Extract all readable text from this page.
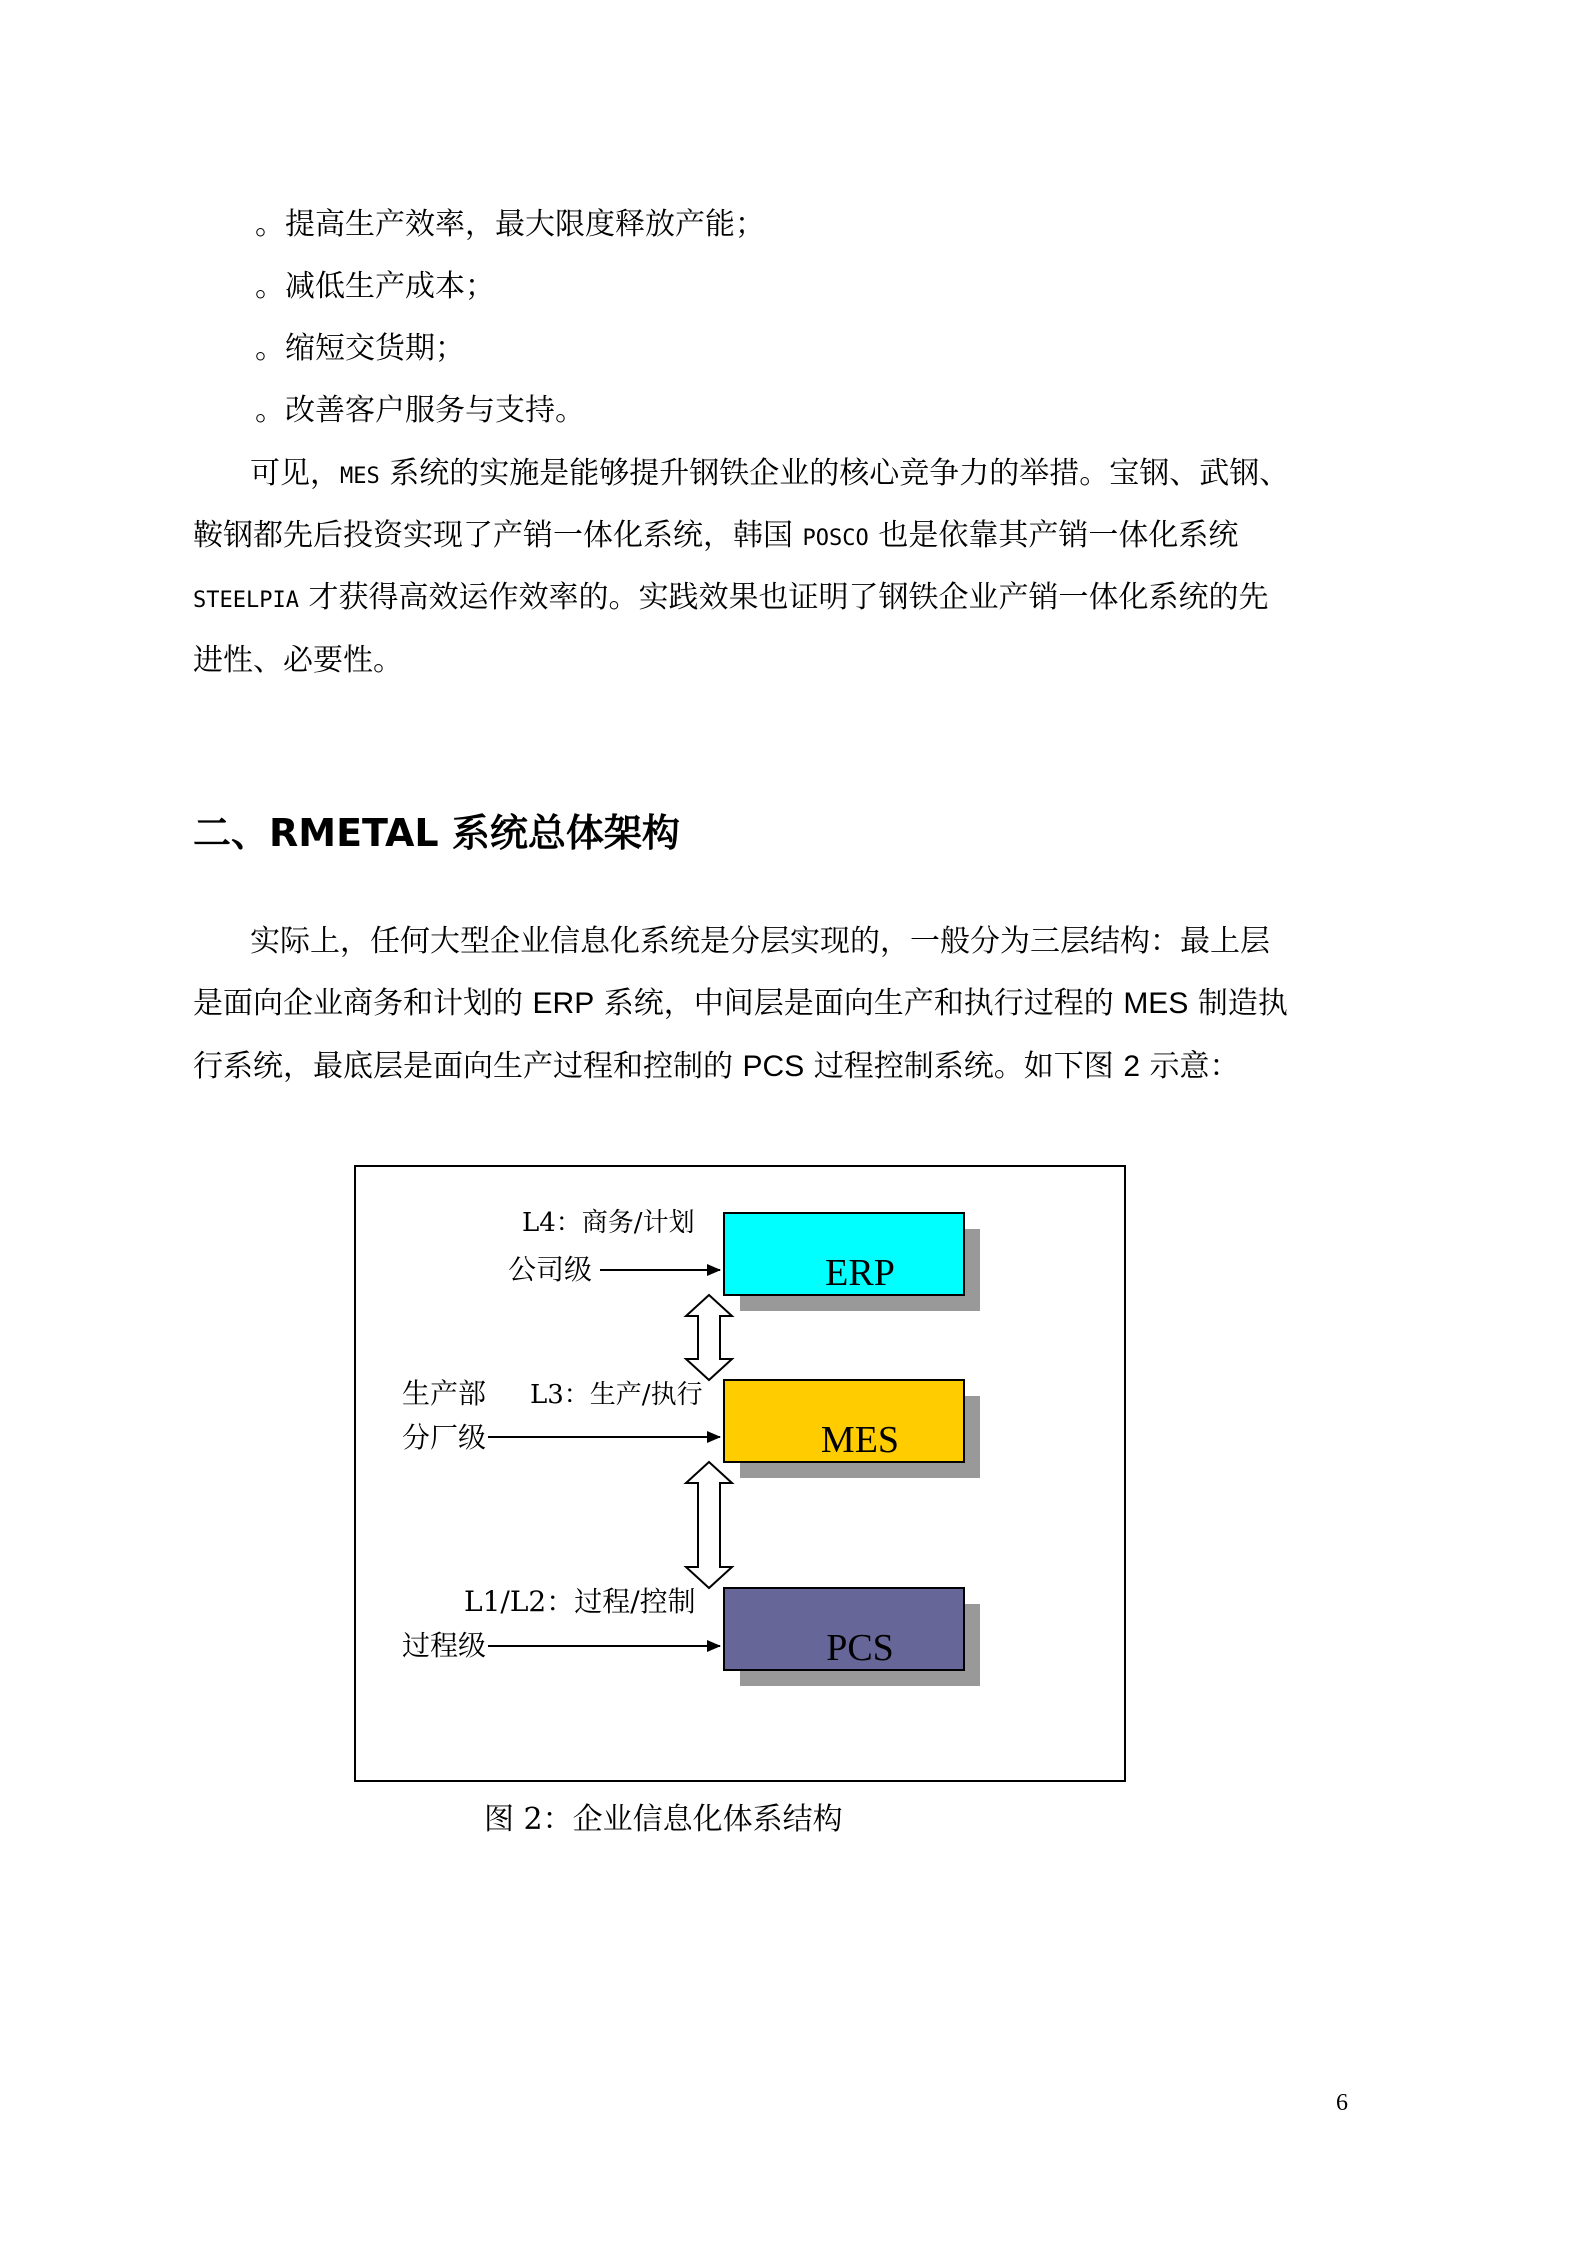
。提高生产效率，最大限度释放产能；
。减低生产成本；
。缩短交货期；
。改善客户服务与支持。
可见，MES 系统的实施是能够提升钢铁企业的核心竞争力的举措。宝钢、武钢、
鞍钢都先后投资实现了产销一体化系统，韩国 POSCO 也是依靠其产销一体化系统
STEELPIA 才获得高效运作效率的。实践效果也证明了钢铁企业产销一体化系统的先
进性、必要性。
二、RMETAL 系统总体架构
实际上，任何大型企业信息化系统是分层实现的，一般分为三层结构：最上层
是面向企业商务和计划的 ERP 系统，中间层是面向生产和执行过程的 MES 制造执
行系统，最底层是面向生产过程和控制的 PCS 过程控制系统。如下图 2 示意：
ERP
公司级
L4：商务/计划
MES
生产部
分厂级
L3：生产/执行
PCS
过程级
L1/L2：过程/控制
图 2：企业信息化体系结构
6
